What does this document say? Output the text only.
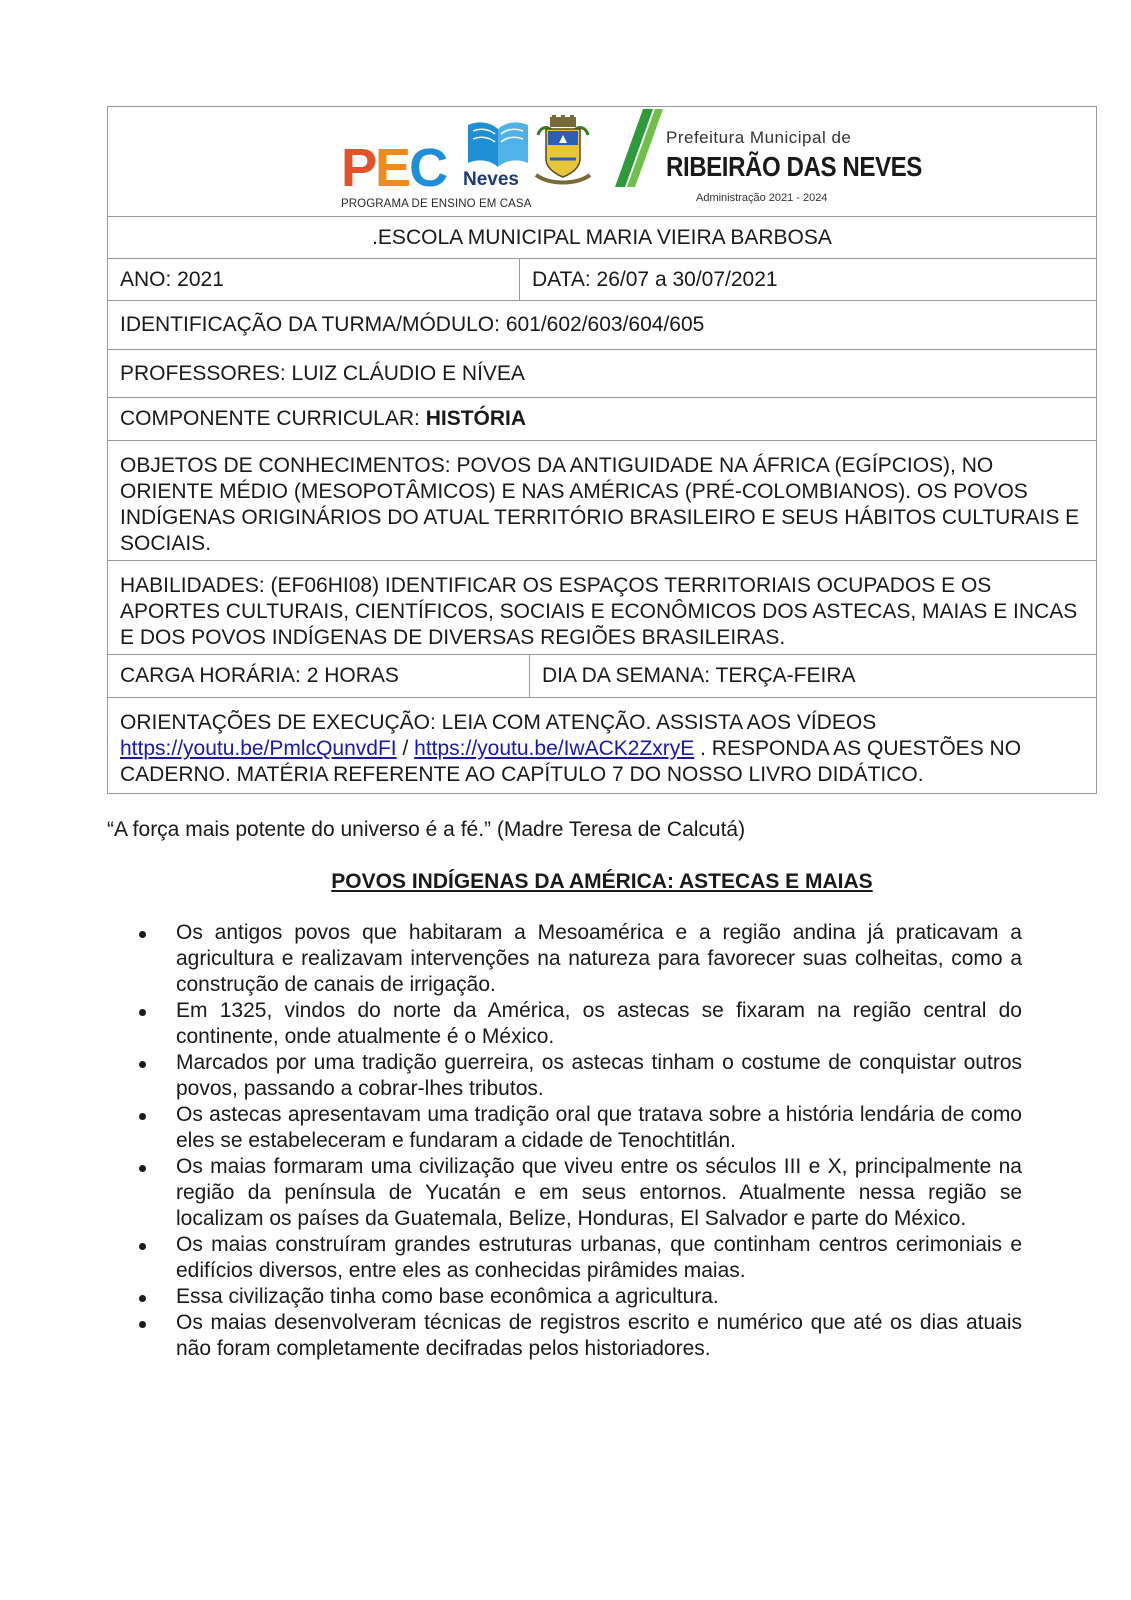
PEC Neves
PROGRAMA DE ENSINO EM CASA
Prefeitura Municipal de
RIBEIRÃO DAS NEVES
Administração 2021 - 2024
.ESCOLA MUNICIPAL MARIA VIEIRA BARBOSA
ANO: 2021	DATA: 26/07 a 30/07/2021
IDENTIFICAÇÃO DA TURMA/MÓDULO: 601/602/603/604/605
PROFESSORES: LUIZ CLÁUDIO E NÍVEA
COMPONENTE CURRICULAR: HISTÓRIA
OBJETOS DE CONHECIMENTOS: POVOS DA ANTIGUIDADE NA ÁFRICA (EGÍPCIOS), NO ORIENTE MÉDIO (MESOPOTÂMICOS) E NAS AMÉRICAS (PRÉ-COLOMBIANOS). OS POVOS INDÍGENAS ORIGINÁRIOS DO ATUAL TERRITÓRIO BRASILEIRO E SEUS HÁBITOS CULTURAIS E SOCIAIS.
HABILIDADES: (EF06HI08) IDENTIFICAR OS ESPAÇOS TERRITORIAIS OCUPADOS E OS APORTES CULTURAIS, CIENTÍFICOS, SOCIAIS E ECONÔMICOS DOS ASTECAS, MAIAS E INCAS E DOS POVOS INDÍGENAS DE DIVERSAS REGIÕES BRASILEIRAS.
CARGA HORÁRIA: 2 HORAS	DIA DA SEMANA: TERÇA-FEIRA
ORIENTAÇÕES DE EXECUÇÃO: LEIA COM ATENÇÃO. ASSISTA AOS VÍDEOS https://youtu.be/PmlcQunvdFI / https://youtu.be/IwACK2ZxryE . RESPONDA AS QUESTÕES NO CADERNO. MATÉRIA REFERENTE AO CAPÍTULO 7 DO NOSSO LIVRO DIDÁTICO.
“A força mais potente do universo é a fé.” (Madre Teresa de Calcutá)
POVOS INDÍGENAS DA AMÉRICA: ASTECAS E MAIAS
Os antigos povos que habitaram a Mesoamérica e a região andina já praticavam a agricultura e realizavam intervenções na natureza para favorecer suas colheitas, como a construção de canais de irrigação.
Em 1325, vindos do norte da América, os astecas se fixaram na região central do continente, onde atualmente é o México.
Marcados por uma tradição guerreira, os astecas tinham o costume de conquistar outros povos, passando a cobrar-lhes tributos.
Os astecas apresentavam uma tradição oral que tratava sobre a história lendária de como eles se estabeleceram e fundaram a cidade de Tenochtitlán.
Os maias formaram uma civilização que viveu entre os séculos III e X, principalmente na região da península de Yucatán e em seus entornos. Atualmente nessa região se localizam os países da Guatemala, Belize, Honduras, El Salvador e parte do México.
Os maias construíram grandes estruturas urbanas, que continham centros cerimoniais e edifícios diversos, entre eles as conhecidas pirâmides maias.
Essa civilização tinha como base econômica a agricultura.
Os maias desenvolveram técnicas de registros escrito e numérico que até os dias atuais não foram completamente decifradas pelos historiadores.
